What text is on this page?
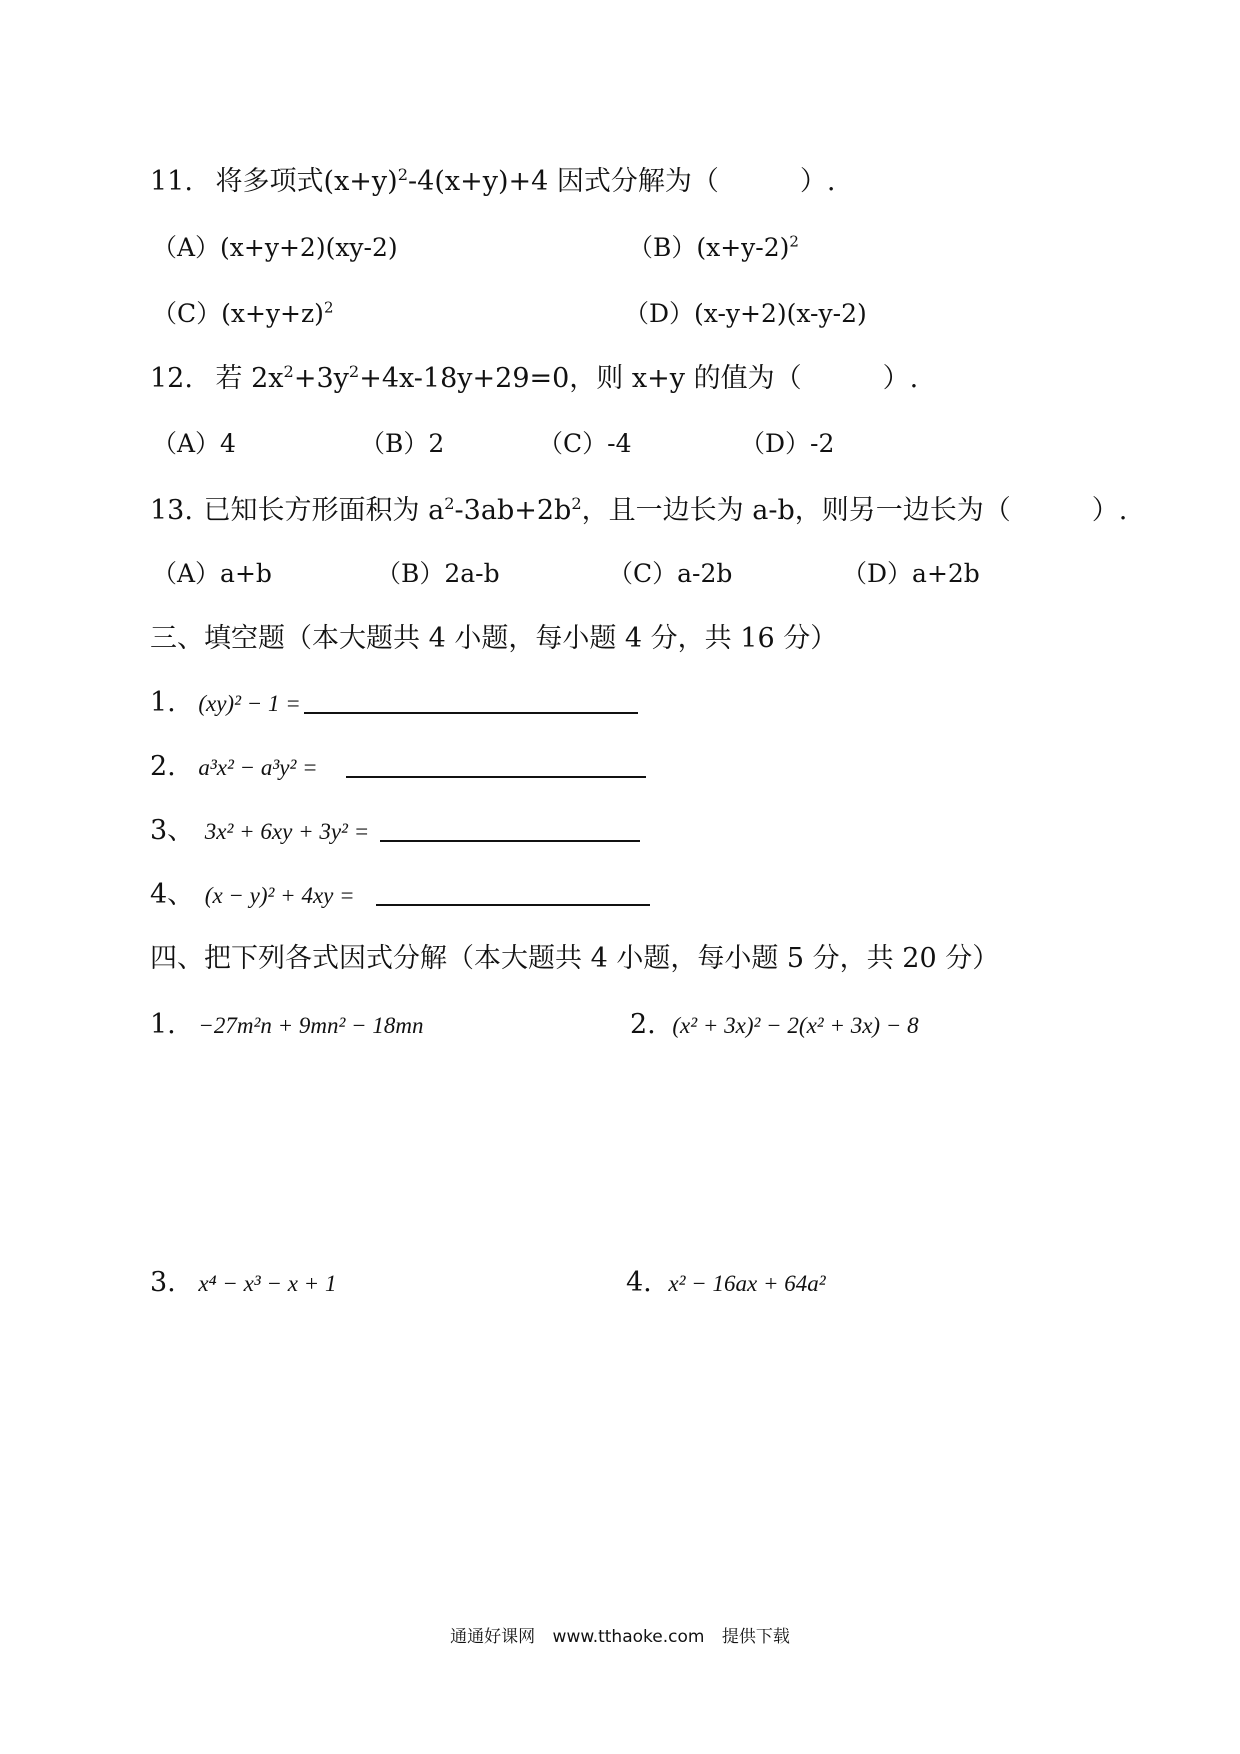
11. 将多项式$(x+y)^2-4(x+y)+4$ 因式分解为（　　　）.
（A）(x+y+2)(xy-2)	$(B)(x+y-2)^2$
$(C)(x+y+z)^2$	（D）(x-y+2)(x-y-2)
12. 若 $2x^2+3y^2+4x-18y+29=0$，则 x+y 的值为（　　　）.
（A）4	（B）2	（C）-4	（D）-2
13. 已知长方形面积为 $a^2-3ab+2b^2$，且一边长为 a-b，则另一边长为（　　　）.
（A）a+b	（B）2a-b	（C）a-2b	（D）a+2b
三、填空题（本大题共 4 小题，每小题 4 分，共 16 分）
1. (xy)² − 1 =
2. a³x² − a³y² =
3、 3x² + 6xy + 3y² =
4、 (x − y)² + 4xy =
四、把下列各式因式分解（本大题共 4 小题，每小题 5 分，共 20 分）
1. −27m²n + 9mn² − 18mn	2. (x² + 3x)² − 2(x² + 3x) − 8
3. x⁴ − x³ − x + 1	4. x² − 16ax + 64a²
通通好课网 www.tthaoke.com 提供下载
